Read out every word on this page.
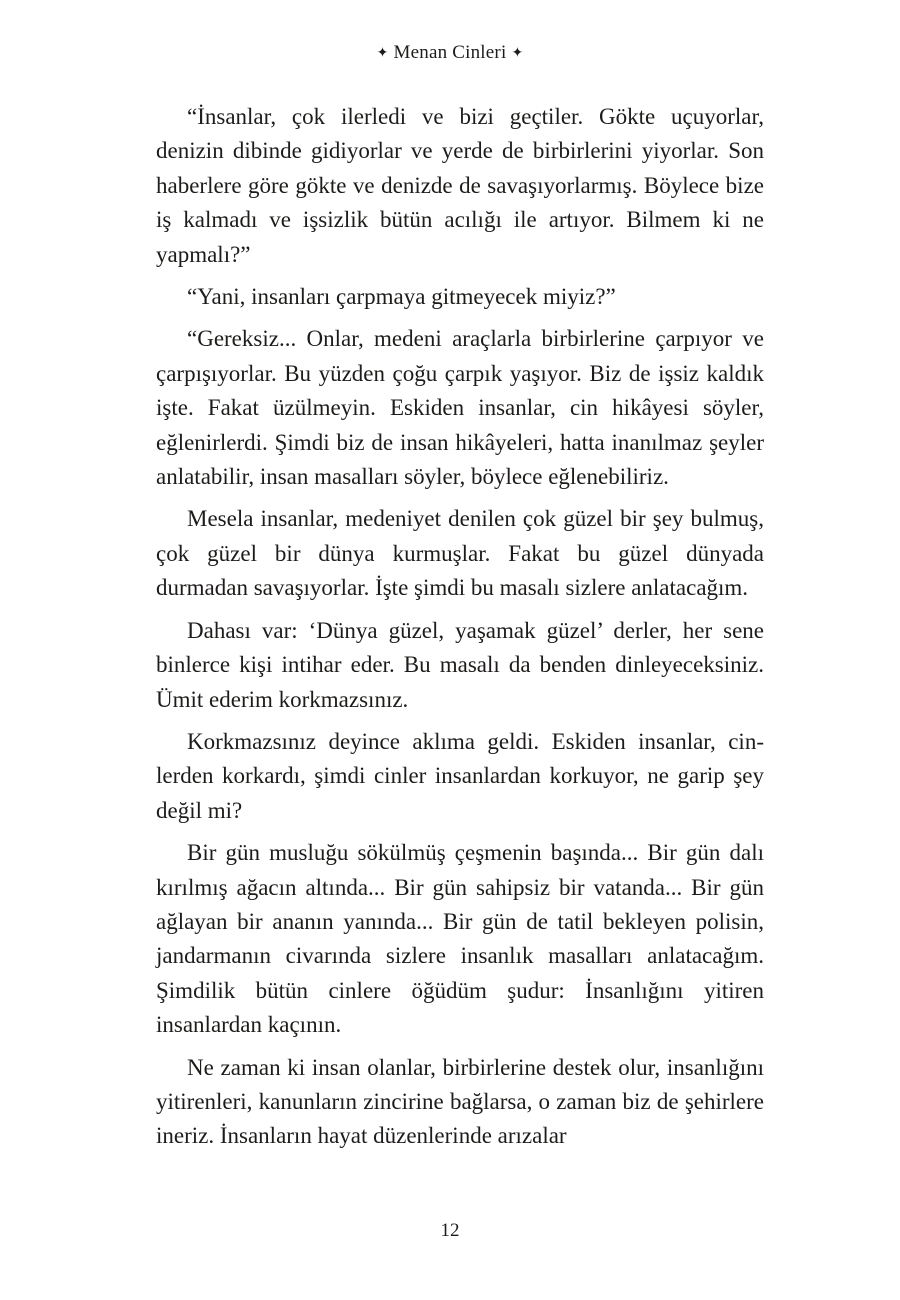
✦ Menan Cinleri ✦

“İnsanlar, çok ilerledi ve bizi geçtiler. Gökte uçuyorlar, denizin dibinde gidiyorlar ve yerde de birbirlerini yiyorlar. Son haberlere göre gökte ve denizde de savaşıyorlarmış. Böylece bize iş kalmadı ve işsizlik bütün acılığı ile artıyor. Bilmem ki ne yapmalı?”

“Yani, insanları çarpmaya gitmeyecek miyiz?”

“Gereksiz... Onlar, medeni araçlarla birbirlerine çarpıyor ve çarpışıyorlar. Bu yüzden çoğu çarpık yaşıyor. Biz de işsiz kaldık işte. Fakat üzülmeyin. Eskiden insanlar, cin hikâyesi söyler, eğlenirlerdi. Şimdi biz de insan hikâyeleri, hatta inanılmaz şeyler anlatabilir, insan masalları söyler, böylece eğlenebiliriz.

Mesela insanlar, medeniyet denilen çok güzel bir şey bulmuş, çok güzel bir dünya kurmuşlar. Fakat bu güzel dünyada durmadan savaşıyorlar. İşte şimdi bu masalı sizlere anlatacağım.

Dahası var: ‘Dünya güzel, yaşamak güzel’ derler, her sene binlerce kişi intihar eder. Bu masalı da benden dinleyeceksiniz. Ümit ederim korkmazsınız.

Korkmazsınız deyince aklıma geldi. Eskiden insanlar, cinlerden korkardı, şimdi cinler insanlardan korkuyor, ne garip şey değil mi?

Bir gün musluğu sökülmüş çeşmenin başında... Bir gün dalı kırılmış ağacın altında... Bir gün sahipsiz bir vatanda... Bir gün ağlayan bir ananın yanında... Bir gün de tatil bekleyen polisin, jandarmanın civarında sizlere insanlık masalları anlatacağım. Şimdilik bütün cinlere öğüdüm şudur: İnsanlığını yitiren insanlardan kaçının.

Ne zaman ki insan olanlar, birbirlerine destek olur, insanlığını yitirenleri, kanunların zincirine bağlarsa, o zaman biz de şehirlere ineriz. İnsanların hayat düzenlerinde arızalar

12
